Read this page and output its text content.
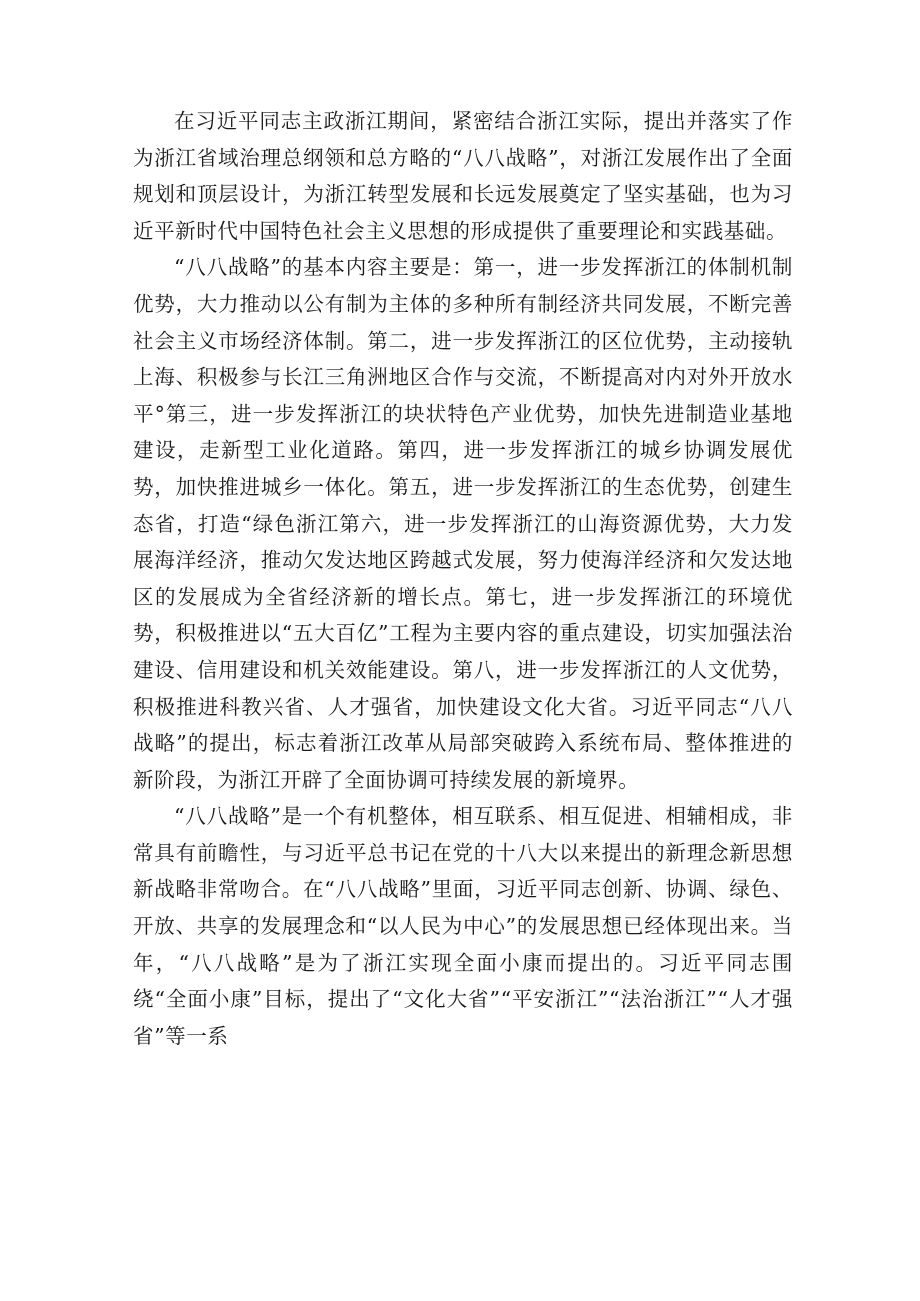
在习近平同志主政浙江期间，紧密结合浙江实际，提出并落实了作为浙江省域治理总纲领和总方略的“八八战略”，对浙江发展作出了全面规划和顶层设计，为浙江转型发展和长远发展奠定了坚实基础，也为习近平新时代中国特色社会主义思想的形成提供了重要理论和实践基础。

“八八战略”的基本内容主要是：第一，进一步发挥浙江的体制机制优势，大力推动以公有制为主体的多种所有制经济共同发展，不断完善社会主义市场经济体制。第二，进一步发挥浙江的区位优势，主动接轨上海、积极参与长江三角洲地区合作与交流，不断提高对内对外开放水平°第三，进一步发挥浙江的块状特色产业优势，加快先进制造业基地建设，走新型工业化道路。第四，进一步发挥浙江的城乡协调发展优势，加快推进城乡一体化。第五，进一步发挥浙江的生态优势，创建生态省，打造“绿色浙江第六，进一步发挥浙江的山海资源优势，大力发展海洋经济，推动欠发达地区跨越式发展，努力使海洋经济和欠发达地区的发展成为全省经济新的增长点。第七，进一步发挥浙江的环境优势，积极推进以“五大百亿”工程为主要内容的重点建设，切实加强法治建设、信用建设和机关效能建设。第八，进一步发挥浙江的人文优势，积极推进科教兴省、人才强省，加快建设文化大省。习近平同志“八八战略”的提出，标志着浙江改革从局部突破跨入系统布局、整体推进的新阶段，为浙江开辟了全面协调可持续发展的新境界。

“八八战略”是一个有机整体，相互联系、相互促进、相辅相成，非常具有前瞻性，与习近平总书记在党的十八大以来提出的新理念新思想新战略非常吻合。在“八八战略”里面，习近平同志创新、协调、绿色、开放、共享的发展理念和“以人民为中心”的发展思想已经体现出来。当年，“八八战略”是为了浙江实现全面小康而提出的。习近平同志围绕“全面小康”目标，提出了“文化大省”“平安浙江”“法治浙江”“人才强省”等一系
